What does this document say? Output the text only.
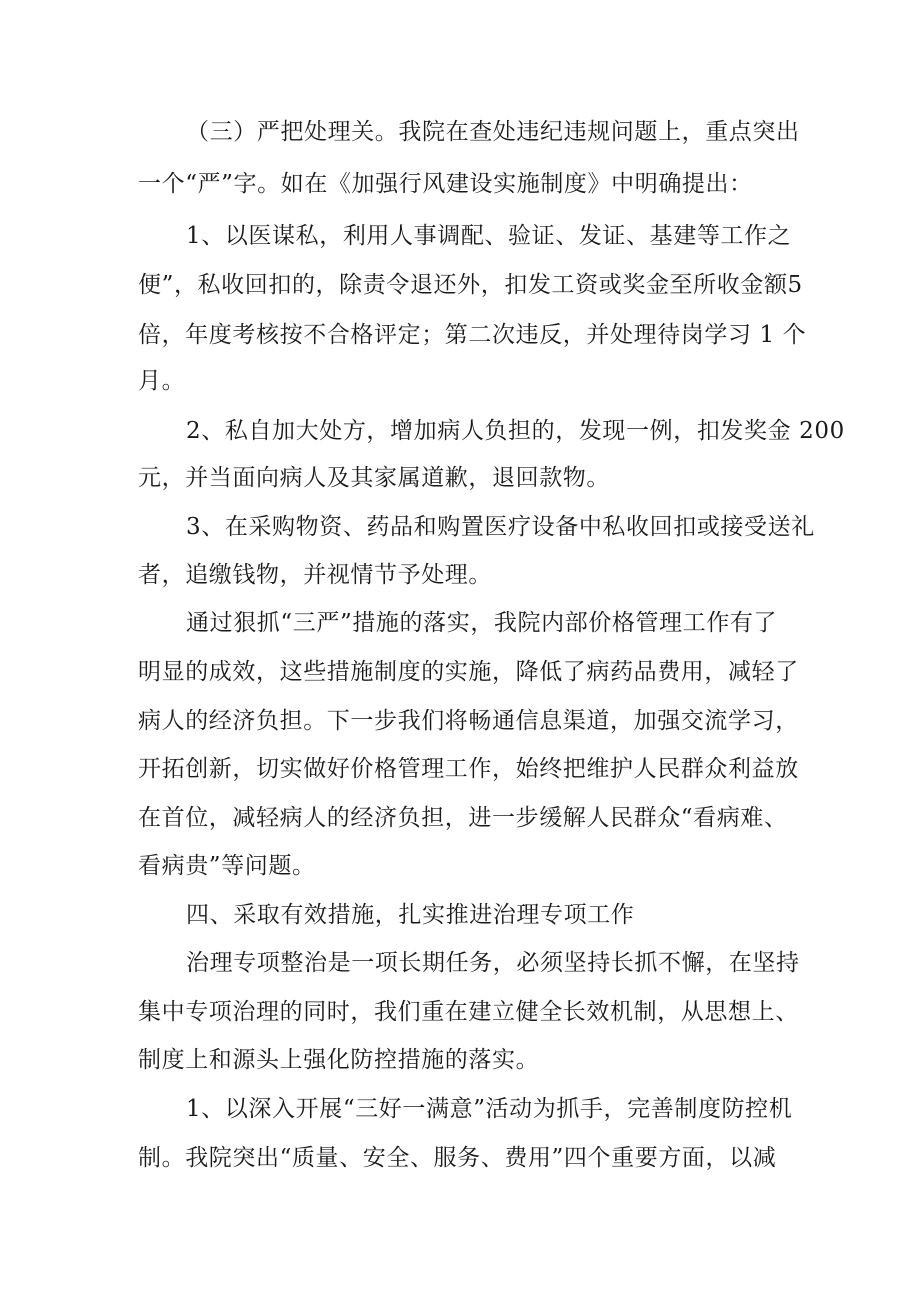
（三）严把处理关。我院在查处违纪违规问题上，重点突出
一个“严”字。如在《加强行风建设实施制度》中明确提出：
1、以医谋私，利用人事调配、验证、发证、基建等工作之
便”，私收回扣的，除责令退还外，扣发工资或奖金至所收金额5
倍，年度考核按不合格评定；第二次违反，并处理待岗学习 1 个
月。
2、私自加大处方，增加病人负担的，发现一例，扣发奖金 200
元，并当面向病人及其家属道歉，退回款物。
3、在采购物资、药品和购置医疗设备中私收回扣或接受送礼
者，追缴钱物，并视情节予处理。
通过狠抓“三严”措施的落实，我院内部价格管理工作有了
明显的成效，这些措施制度的实施，降低了病药品费用，减轻了
病人的经济负担。下一步我们将畅通信息渠道，加强交流学习，
开拓创新，切实做好价格管理工作，始终把维护人民群众利益放
在首位，减轻病人的经济负担，进一步缓解人民群众“看病难、
看病贵”等问题。
四、采取有效措施，扎实推进治理专项工作
治理专项整治是一项长期任务，必须坚持长抓不懈，在坚持
集中专项治理的同时，我们重在建立健全长效机制，从思想上、
制度上和源头上强化防控措施的落实。
1、以深入开展“三好一满意”活动为抓手，完善制度防控机
制。我院突出“质量、安全、服务、费用”四个重要方面，以减
